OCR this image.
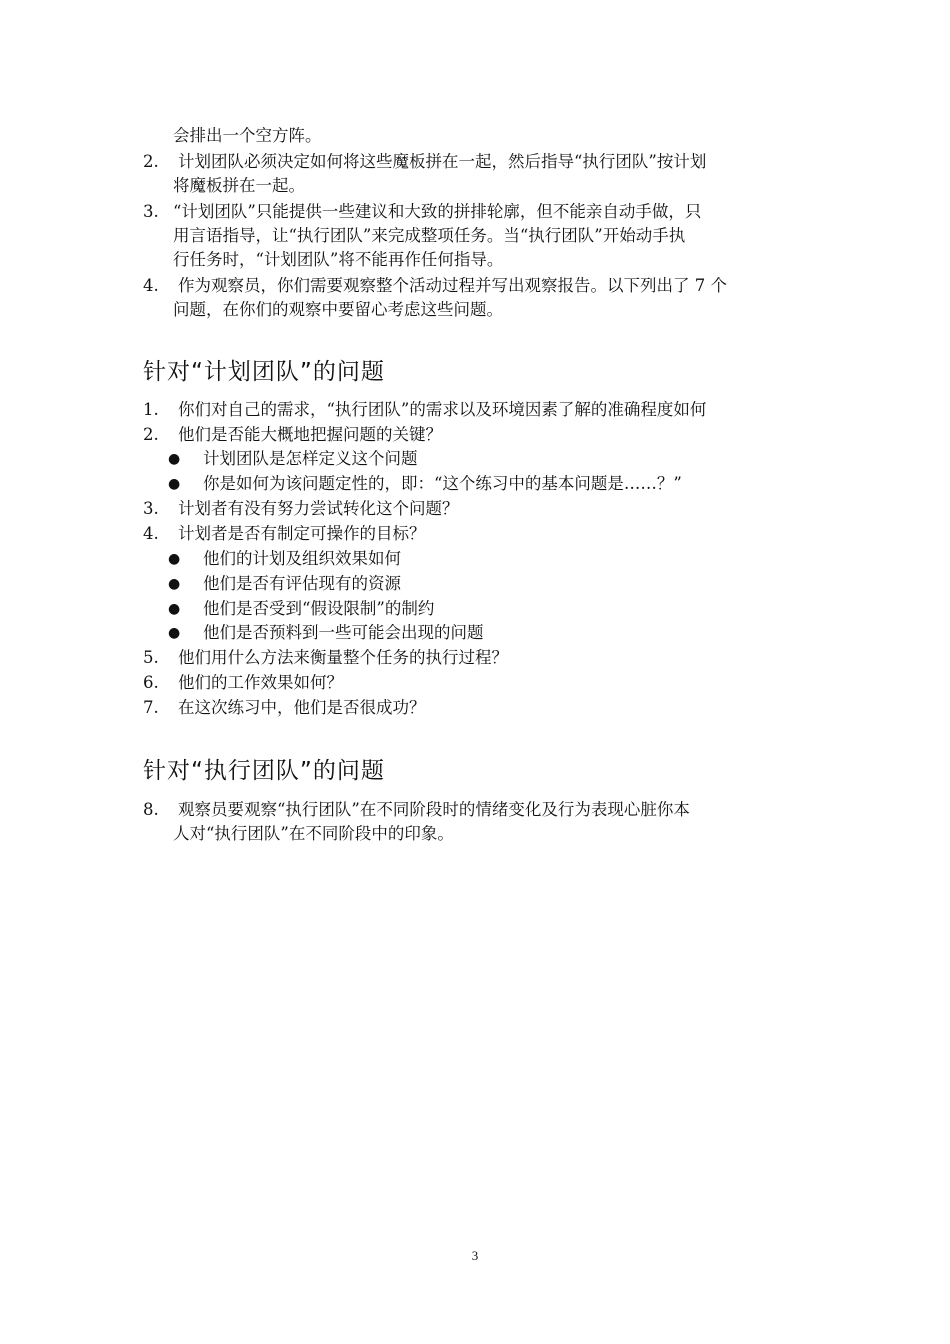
会排出一个空方阵。
2. 计划团队必须决定如何将这些魔板拼在一起，然后指导“执行团队”按计划
将魔板拼在一起。
3. “计划团队”只能提供一些建议和大致的拼排轮廓，但不能亲自动手做，只
用言语指导，让“执行团队”来完成整项任务。当“执行团队”开始动手执
行任务时，“计划团队”将不能再作任何指导。
4. 作为观察员，你们需要观察整个活动过程并写出观察报告。以下列出了 7 个
问题，在你们的观察中要留心考虑这些问题。
针对“计划团队”的问题
1. 你们对自己的需求，“执行团队”的需求以及环境因素了解的准确程度如何
2. 他们是否能大概地把握问题的关键？
● 计划团队是怎样定义这个问题
● 你是如何为该问题定性的，即：“这个练习中的基本问题是……？”
3. 计划者有没有努力尝试转化这个问题？
4. 计划者是否有制定可操作的目标？
● 他们的计划及组织效果如何
● 他们是否有评估现有的资源
● 他们是否受到“假设限制”的制约
● 他们是否预料到一些可能会出现的问题
5. 他们用什么方法来衡量整个任务的执行过程？
6. 他们的工作效果如何？
7. 在这次练习中，他们是否很成功？
针对“执行团队”的问题
8. 观察员要观察“执行团队”在不同阶段时的情绪变化及行为表现心脏你本
人对“执行团队”在不同阶段中的印象。
3
